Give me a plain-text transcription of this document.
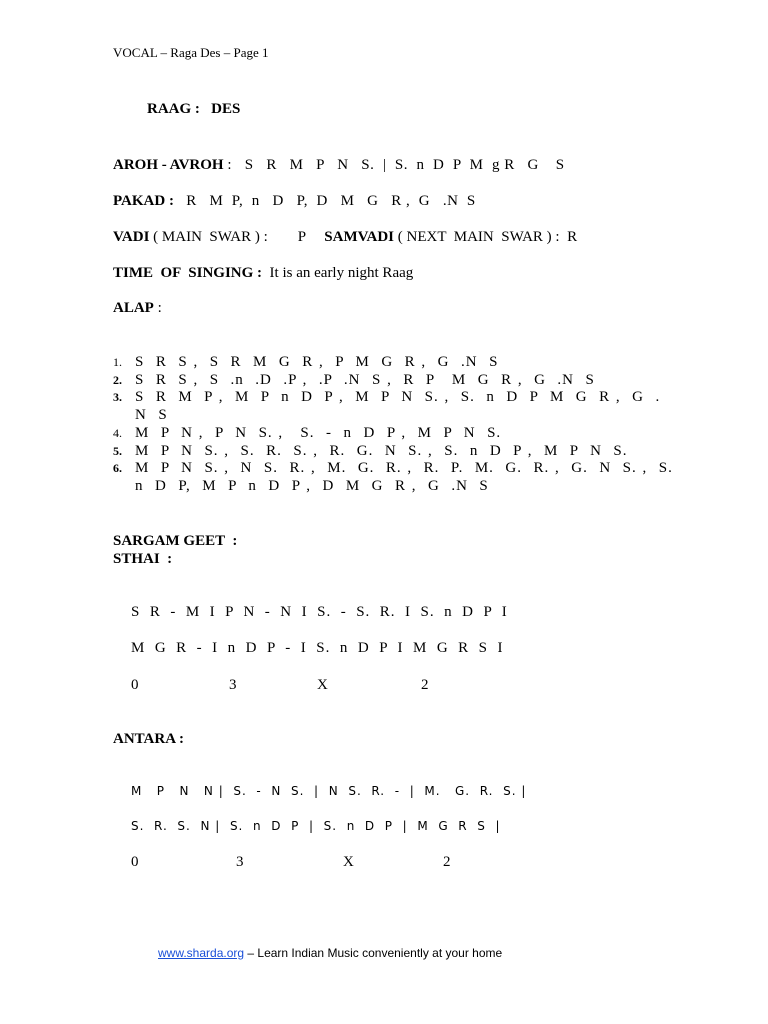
VOCAL – Raga Des – Page 1
RAAG : DES
AROH - AVROH :   S   R   M   P   N   S.  |  S.  n  D  P  M  g R   G    S
PAKAD :   R   M  P,  n   D   P,  D   M   G   R ,  G   .N  S
VADI ( MAIN  SWAR ) :        P     SAMVADI ( NEXT  MAIN  SWAR ) :  R
TIME  OF  SINGING :  It is an early night Raag
ALAP :
1. S  R  S ,  S  R  M  G  R ,  P  M  G  R ,  G  .N  S
2. S  R  S ,  S  .n  .D  .P ,  .P  .N  S ,  R  P   M  G  R ,  G  .N  S
3. S  R  M  P ,  M  P  n  D  P ,  M  P  N  S. ,  S.  n  D  P  M  G  R ,  G  .  N  S
4. M  P  N ,  P  N  S. ,   S.  -  n  D  P ,  M  P  N  S.
5. M  P  N  S. ,  S.  R.  S. ,  R.  G.  N  S. ,  S.  n  D  P ,  M  P  N  S.
6. M  P  N  S. ,  N  S.  R. ,  M.  G.  R. ,  R.  P.  M.  G.  R. ,  G.  N  S. ,  S.  n  D  P,  M  P  n  D  P ,  D  M  G  R ,  G  .N  S
SARGAM GEET  :
STHAI  :
S  R  -  M  I  P  N  -  N  I  S.  -  S.  R.  I  S.  n  D  P  I
M  G  R  -  I  n  D  P  -  I  S.  n  D  P  I  M  G  R  S  I
0	3	X	2
ANTARA :
M   P   N   N |  S.  -  N  S.  |  N  S.  R.  -  |  M.   G.  R.  S. |
S.  R.  S.  N |  S.  n  D  P  |  S.  n  D  P  |  M  G  R  S  |
0	3	X	2
www.sharda.org – Learn Indian Music conveniently at your home
